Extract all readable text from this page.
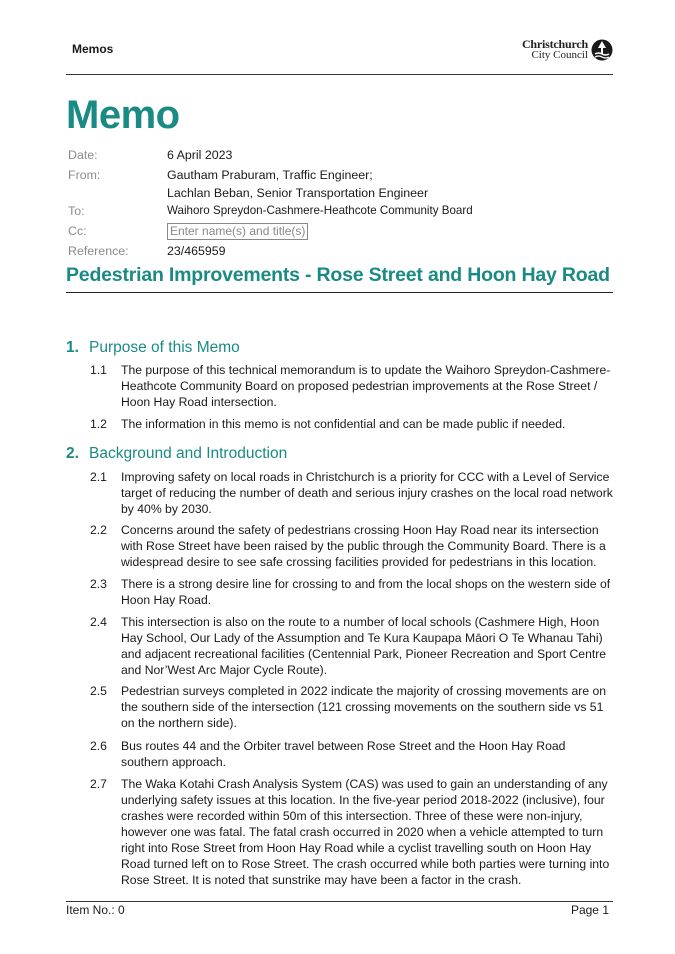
Memos	Christchurch
City Council
Memo
Date:	6 April 2023
From:	Gautham Praburam, Traffic Engineer;
Lachlan Beban, Senior Transportation Engineer
To:	Waihoro Spreydon-Cashmere-Heathcote Community Board
Cc:	Enter name(s) and title(s)
Reference:	23/465959
Pedestrian Improvements - Rose Street and Hoon Hay Road
1. Purpose of this Memo
1.1	The purpose of this technical memorandum is to update the Waihoro Spreydon-Cashmere-Heathcote Community Board on proposed pedestrian improvements at the Rose Street / Hoon Hay Road intersection.
1.2	The information in this memo is not confidential and can be made public if needed.
2. Background and Introduction
2.1	Improving safety on local roads in Christchurch is a priority for CCC with a Level of Service target of reducing the number of death and serious injury crashes on the local road network by 40% by 2030.
2.2	Concerns around the safety of pedestrians crossing Hoon Hay Road near its intersection with Rose Street have been raised by the public through the Community Board. There is a widespread desire to see safe crossing facilities provided for pedestrians in this location.
2.3	There is a strong desire line for crossing to and from the local shops on the western side of Hoon Hay Road.
2.4	This intersection is also on the route to a number of local schools (Cashmere High, Hoon Hay School, Our Lady of the Assumption and Te Kura Kaupapa Māori O Te Whanau Tahi) and adjacent recreational facilities (Centennial Park, Pioneer Recreation and Sport Centre and Nor’West Arc Major Cycle Route).
2.5	Pedestrian surveys completed in 2022 indicate the majority of crossing movements are on the southern side of the intersection (121 crossing movements on the southern side vs 51 on the northern side).
2.6	Bus routes 44 and the Orbiter travel between Rose Street and the Hoon Hay Road southern approach.
2.7	The Waka Kotahi Crash Analysis System (CAS) was used to gain an understanding of any underlying safety issues at this location. In the five-year period 2018-2022 (inclusive), four crashes were recorded within 50m of this intersection. Three of these were non-injury, however one was fatal. The fatal crash occurred in 2020 when a vehicle attempted to turn right into Rose Street from Hoon Hay Road while a cyclist travelling south on Hoon Hay Road turned left on to Rose Street. The crash occurred while both parties were turning into Rose Street. It is noted that sunstrike may have been a factor in the crash.
Item No.: 0	Page 1
